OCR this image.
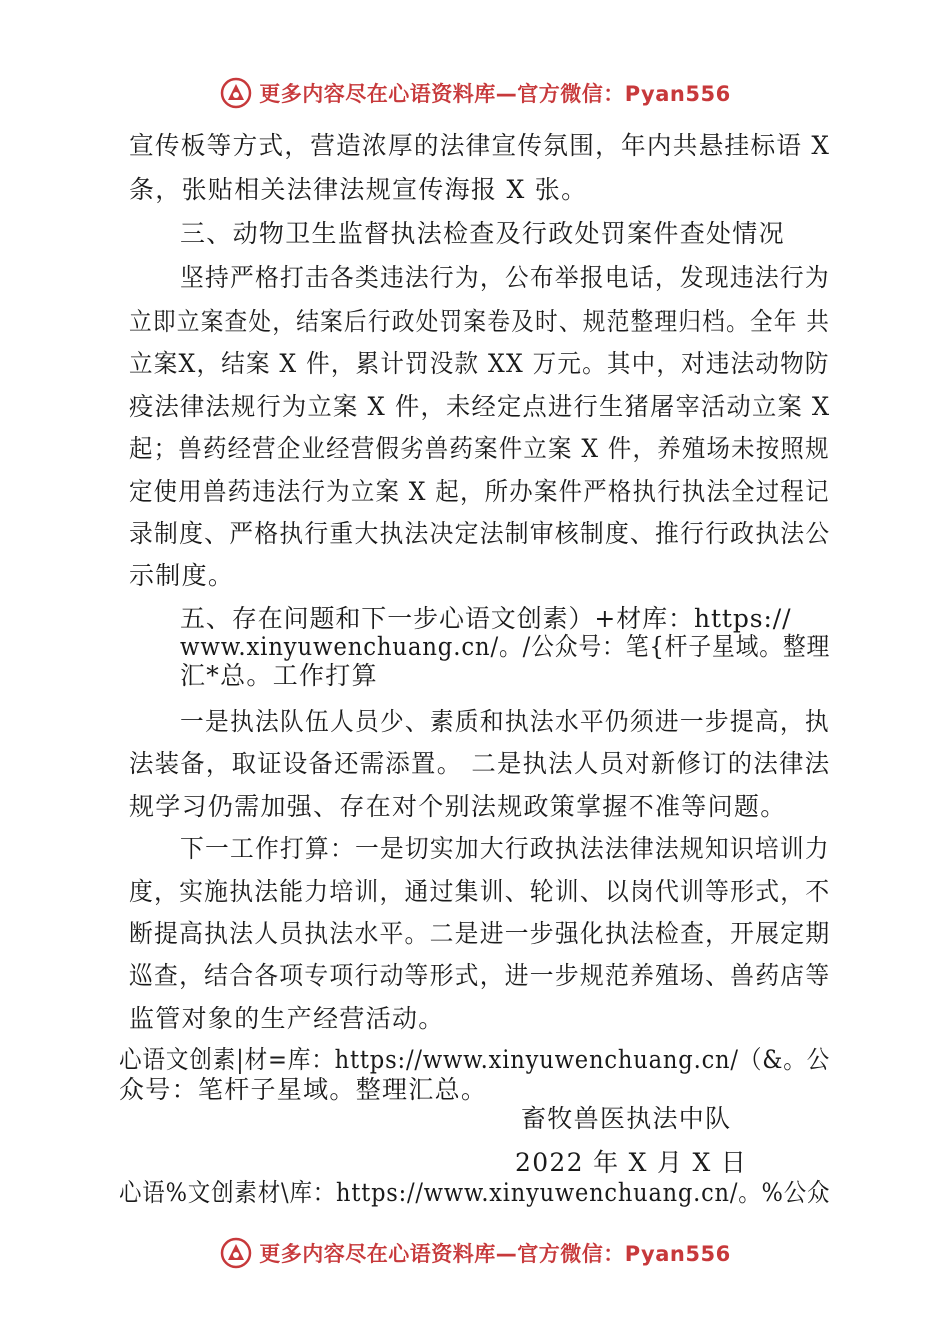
更多内容尽在心语资料库—官方微信：Pyan556
宣传板等方式，营造浓厚的法律宣传氛围，年内共悬挂标语 X
条，张贴相关法律法规宣传海报 X 张。
三、动物卫生监督执法检查及行政处罚案件查处情况
坚持严格打击各类违法行为，公布举报电话，发现违法行为
立即立案查处，结案后行政处罚案卷及时、规范整理归档。全年 共
立案X，结案 X 件，累计罚没款 XX 万元。其中，对违法动物防
疫法律法规行为立案 X 件，未经定点进行生猪屠宰活动立案 X
起；兽药经营企业经营假劣兽药案件立案 X 件，养殖场未按照规
定使用兽药违法行为立案 X 起，所办案件严格执行执法全过程记
录制度、严格执行重大执法决定法制审核制度、推行行政执法公
示制度。
五、存在问题和下一步心语文创素）+材库：https://
www.xinyuwenchuang.cn/。/公众号：笔{杆子星域。整理
汇*总。工作打算
一是执法队伍人员少、素质和执法水平仍须进一步提高，执
法装备，取证设备还需添置。 二是执法人员对新修订的法律法
规学习仍需加强、存在对个别法规政策掌握不准等问题。
下一工作打算：一是切实加大行政执法法律法规知识培训力
度，实施执法能力培训，通过集训、轮训、以岗代训等形式，不
断提高执法人员执法水平。二是进一步强化执法检查，开展定期
巡查，结合各项专项行动等形式，进一步规范养殖场、兽药店等
监管对象的生产经营活动。
心语文创素|材=库：https://www.xinyuwenchuang.cn/（&。公
众号：笔杆子星域。整理汇总。
畜牧兽医执法中队
2022 年 X 月 X 日
心语%文创素材\库：https://www.xinyuwenchuang.cn/。%公众
更多内容尽在心语资料库—官方微信：Pyan556
